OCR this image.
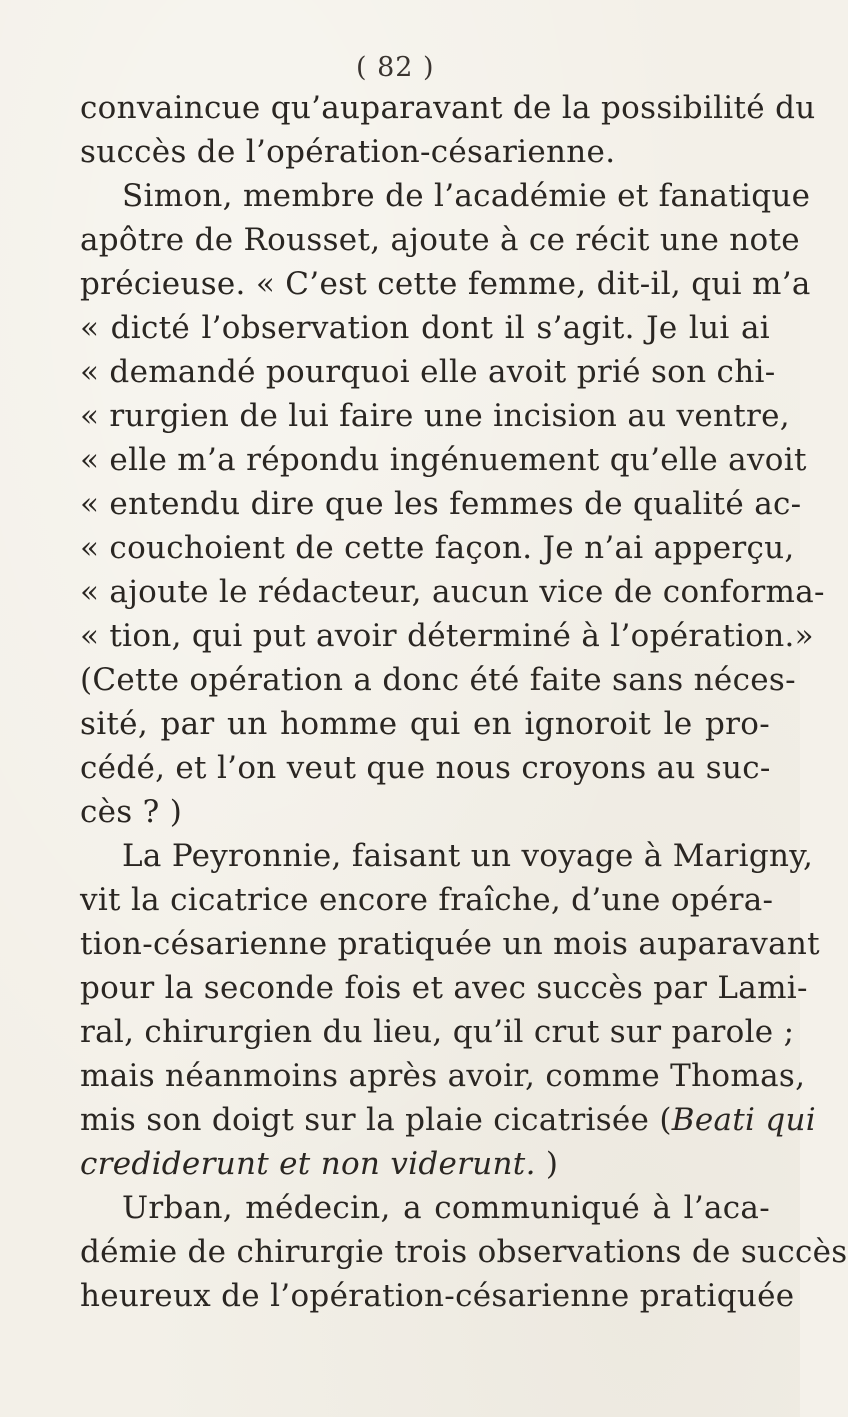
( 82 )
convaincue qu’auparavant de la possibilité du
succès de l’opération-césarienne.
Simon, membre de l’académie et fanatique
apôtre de Rousset, ajoute à ce récit une note
précieuse. « C’est cette femme, dit-il, qui m’a
« dicté l’observation dont il s’agit. Je lui ai
« demandé pourquoi elle avoit prié son chi-
« rurgien de lui faire une incision au ventre,
« elle m’a répondu ingénuement qu’elle avoit
« entendu dire que les femmes de qualité ac-
« couchoient de cette façon. Je n’ai apperçu,
« ajoute le rédacteur, aucun vice de conforma-
« tion, qui put avoir déterminé à l’opération.»
(Cette opération a donc été faite sans néces-
sité, par un homme qui en ignoroit le pro-
cédé, et l’on veut que nous croyons au suc-
cès ? )
La Peyronnie, faisant un voyage à Marigny,
vit la cicatrice encore fraîche, d’une opéra-
tion-césarienne pratiquée un mois auparavant
pour la seconde fois et avec succès par Lami-
ral, chirurgien du lieu, qu’il crut sur parole ;
mais néanmoins après avoir, comme Thomas,
mis son doigt sur la plaie cicatrisée (Beati qui
crediderunt et non viderunt. )
Urban, médecin, a communiqué à l’aca-
démie de chirurgie trois observations de succès
heureux de l’opération-césarienne pratiquée
